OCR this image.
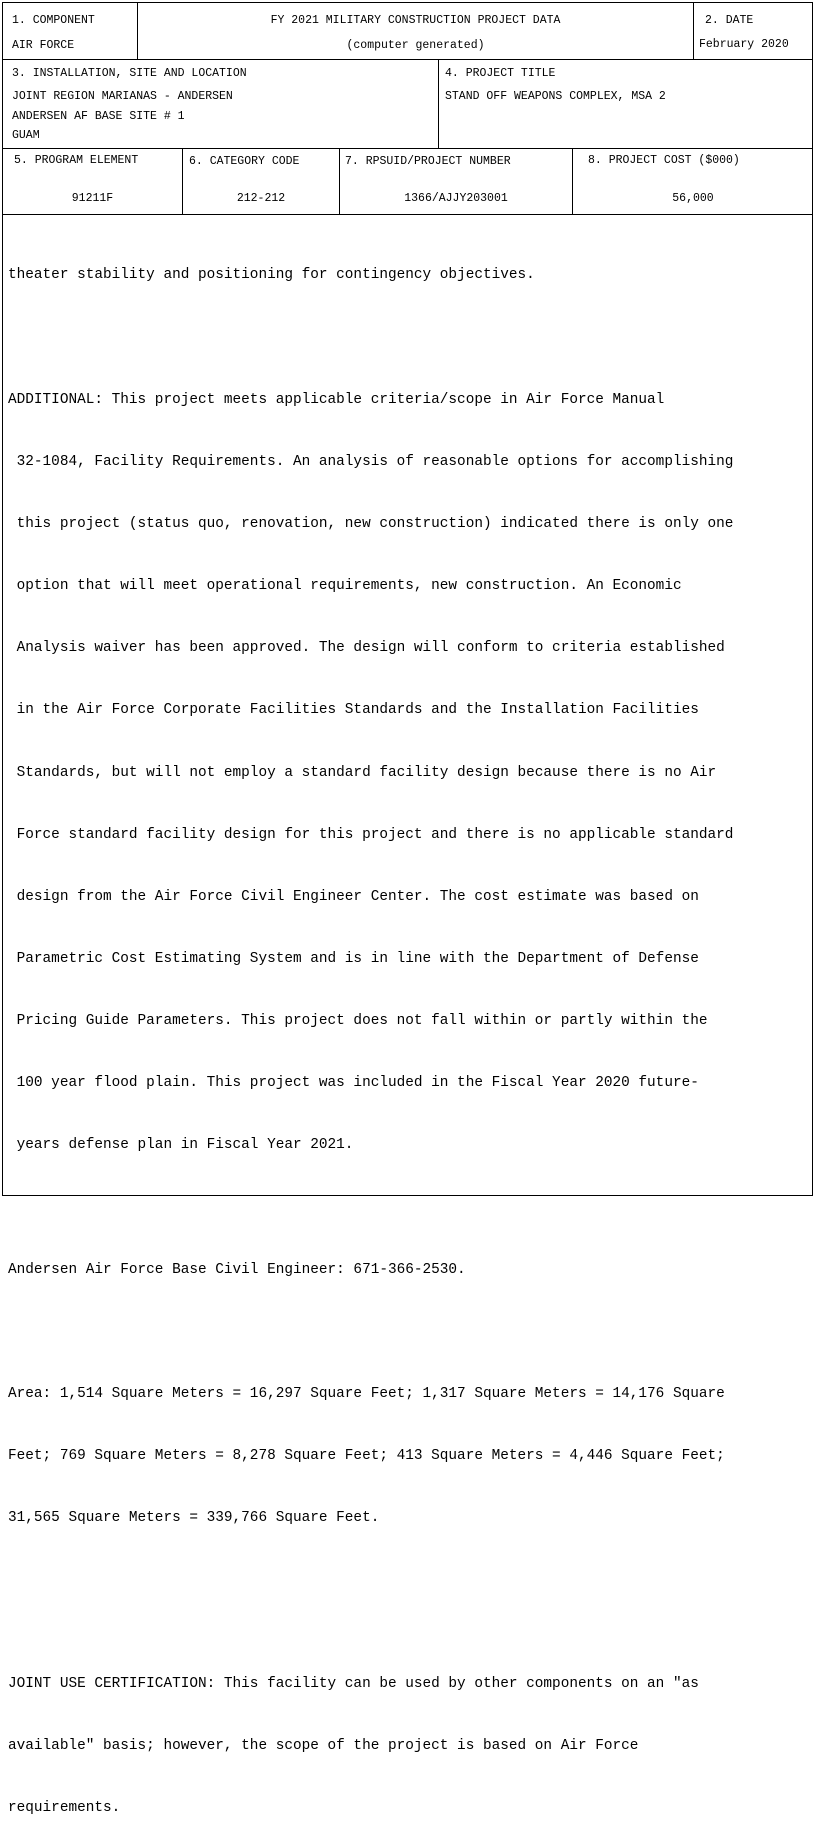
1. COMPONENT
AIR FORCE
FY 2021 MILITARY CONSTRUCTION PROJECT DATA
(computer generated)
2. DATE
February 2020
3. INSTALLATION, SITE AND LOCATION
JOINT REGION MARIANAS - ANDERSEN
ANDERSEN AF BASE SITE # 1
GUAM
4. PROJECT TITLE
STAND OFF WEAPONS COMPLEX, MSA 2
5. PROGRAM ELEMENT
91211F
6. CATEGORY CODE
212-212
7. RPSUID/PROJECT NUMBER
1366/AJJY203001
8. PROJECT COST ($000)
56,000

theater stability and positioning for contingency objectives.

ADDITIONAL: This project meets applicable criteria/scope in Air Force Manual

32-1084, Facility Requirements. An analysis of reasonable options for accomplishing

this project (status quo, renovation, new construction) indicated there is only one

option that will meet operational requirements, new construction. An Economic

Analysis waiver has been approved. The design will conform to criteria established

in the Air Force Corporate Facilities Standards and the Installation Facilities

Standards, but will not employ a standard facility design because there is no Air

Force standard facility design for this project and there is no applicable standard

design from the Air Force Civil Engineer Center. The cost estimate was based on

Parametric Cost Estimating System and is in line with the Department of Defense

Pricing Guide Parameters. This project does not fall within or partly within the

100 year flood plain. This project was included in the Fiscal Year 2020 future-

years defense plan in Fiscal Year 2021.

Andersen Air Force Base Civil Engineer: 671-366-2530.

Area: 1,514 Square Meters = 16,297 Square Feet; 1,317 Square Meters = 14,176 Square

Feet; 769 Square Meters = 8,278 Square Feet; 413 Square Meters = 4,446 Square Feet;

31,565 Square Meters = 339,766 Square Feet.

JOINT USE CERTIFICATION: This facility can be used by other components on an "as

available" basis; however, the scope of the project is based on Air Force

requirements.
